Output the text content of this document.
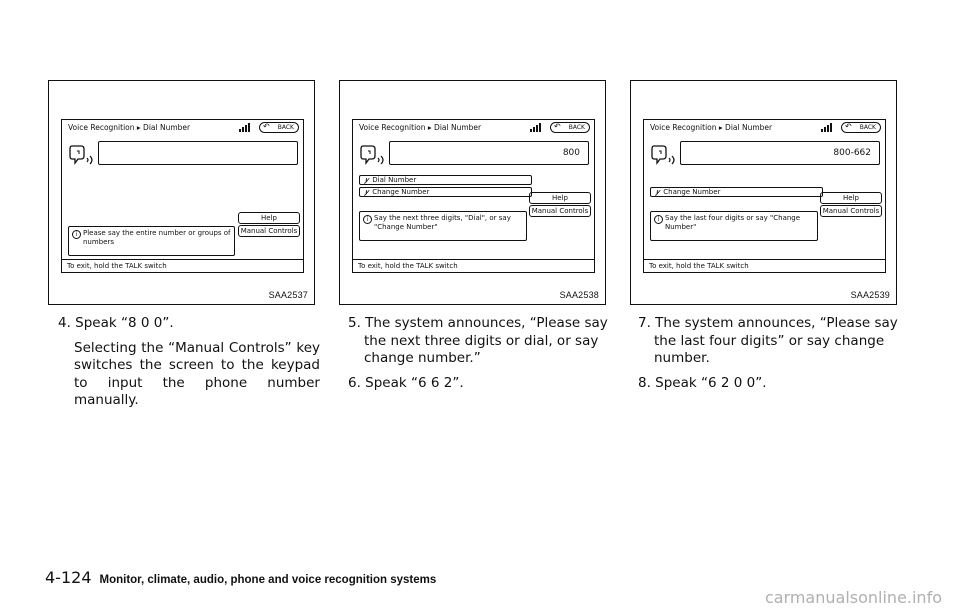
Voice Recognition ▸ Dial Number	↶ BACK
Help
Manual Controls
i Please say the entire number or groups of numbers
To exit, hold the TALK switch
SAA2537
Voice Recognition ▸ Dial Number	↶ BACK
800
𝑦 Dial Number
𝑦 Change Number
Help
Manual Controls
i Say the next three digits, "Dial", or say "Change Number"
To exit, hold the TALK switch
SAA2538
Voice Recognition ▸ Dial Number	↶ BACK
800-662
𝑦 Change Number
Help
Manual Controls
i Say the last four digits or say "Change Number"
To exit, hold the TALK switch
SAA2539
4. Speak “8 0 0”.
Selecting the “Manual Controls” key switches the screen to the keypad to input the phone number manually.
5. The system announces, “Please say the next three digits or dial, or say change number.”
6. Speak “6 6 2”.
7. The system announces, “Please say the last four digits” or say change number.
8. Speak “6 2 0 0”.
4-124 Monitor, climate, audio, phone and voice recognition systems
carmanualsonline.info
